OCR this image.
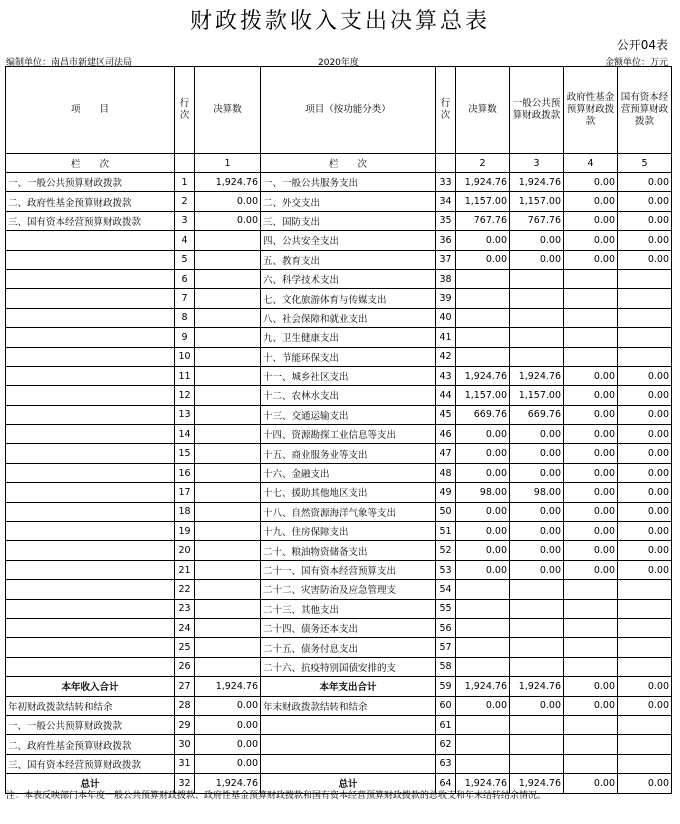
财政拨款收入支出决算总表
公开04表
编制单位：南昌市新建区司法局	2020年度	金额单位：万元
项　　目	行次	决算数	项目（按功能分类）	行次	决算数	一般公共预算财政拨款	政府性基金预算财政拨款	国有资本经营预算财政拨款
栏　　次		1	栏　　次		2	3	4	5
一、一般公共预算财政拨款	1	1,924.76	一、一般公共服务支出	33	1,924.76	1,924.76	0.00	0.00
二、政府性基金预算财政拨款	2	0.00	二、外交支出	34	1,157.00	1,157.00	0.00	0.00
三、国有资本经营预算财政拨款	3	0.00	三、国防支出	35	767.76	767.76	0.00	0.00
	4		四、公共安全支出	36	0.00	0.00	0.00	0.00
	5		五、教育支出	37	0.00	0.00	0.00	0.00
	6		六、科学技术支出	38				
	7		七、文化旅游体育与传媒支出	39				
	8		八、社会保障和就业支出	40				
	9		九、卫生健康支出	41				
	10		十、节能环保支出	42				
	11		十一、城乡社区支出	43	1,924.76	1,924.76	0.00	0.00
	12		十二、农林水支出	44	1,157.00	1,157.00	0.00	0.00
	13		十三、交通运输支出	45	669.76	669.76	0.00	0.00
	14		十四、资源勘探工业信息等支出	46	0.00	0.00	0.00	0.00
	15		十五、商业服务业等支出	47	0.00	0.00	0.00	0.00
	16		十六、金融支出	48	0.00	0.00	0.00	0.00
	17		十七、援助其他地区支出	49	98.00	98.00	0.00	0.00
	18		十八、自然资源海洋气象等支出	50	0.00	0.00	0.00	0.00
	19		十九、住房保障支出	51	0.00	0.00	0.00	0.00
	20		二十、粮油物资储备支出	52	0.00	0.00	0.00	0.00
	21		二十一、国有资本经营预算支出	53	0.00	0.00	0.00	0.00
	22		二十二、灾害防治及应急管理支	54				
	23		二十三、其他支出	55				
	24		二十四、债务还本支出	56				
	25		二十五、债务付息支出	57				
	26		二十六、抗疫特别国债安排的支	58				
本年收入合计	27	1,924.76	本年支出合计	59	1,924.76	1,924.76	0.00	0.00
年初财政拨款结转和结余	28	0.00	年末财政拨款结转和结余	60	0.00	0.00	0.00	0.00
一、一般公共预算财政拨款	29	0.00		61				
二、政府性基金预算财政拨款	30	0.00		62				
三、国有资本经营预算财政拨款	31	0.00		63				
总计	32	1,924.76	总计	64	1,924.76	1,924.76	0.00	0.00
注：本表反映部门本年度一般公共预算财政拨款、政府性基金预算财政拨款和国有资本经营预算财政拨款的总收支和年末结转结余情况。
